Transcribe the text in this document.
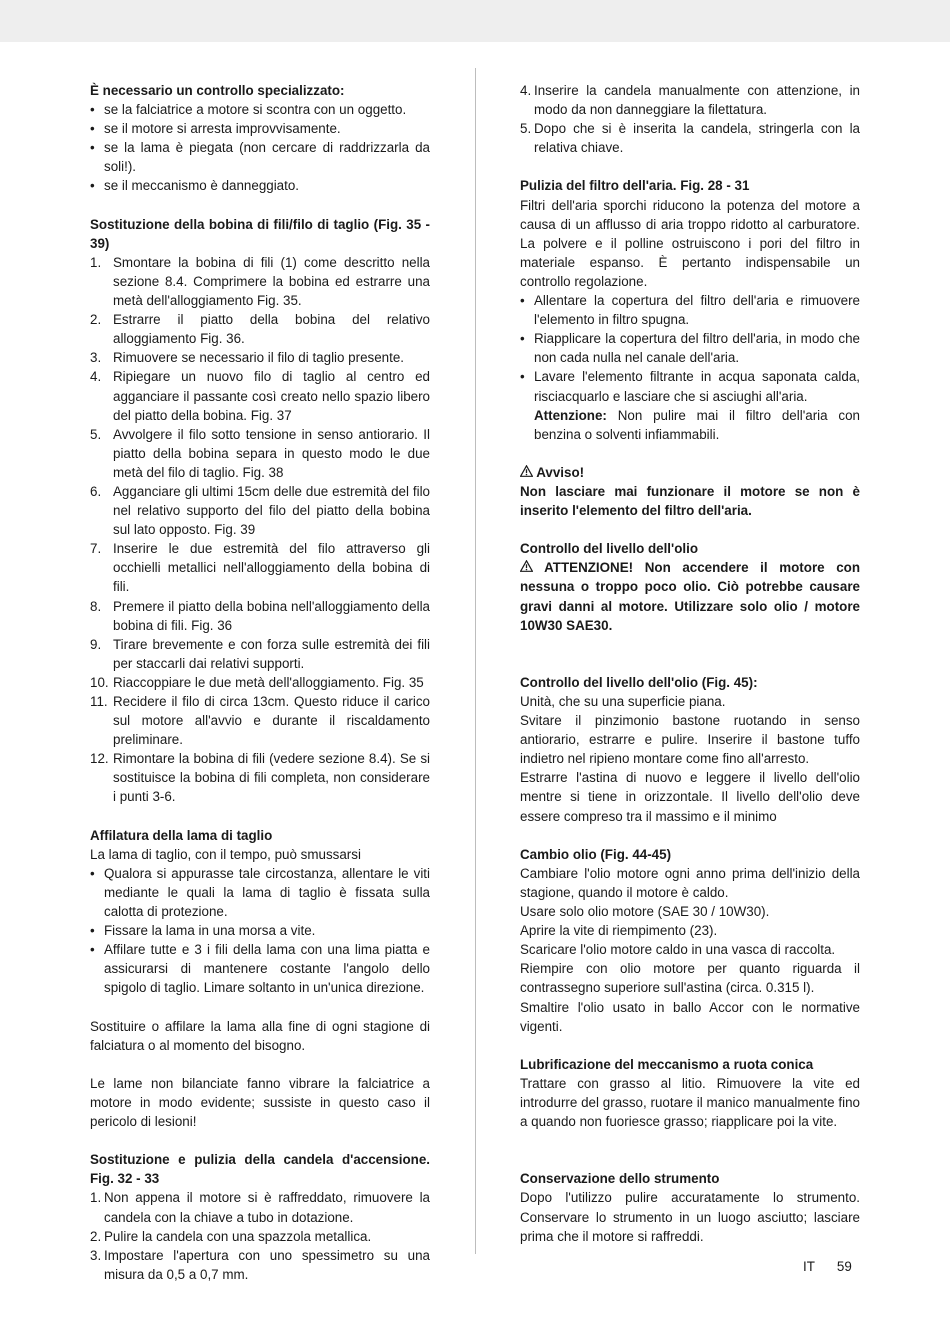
È necessario un controllo specializzato:

• se la falciatrice a motore si scontra con un oggetto.
• se il motore si arresta improvvisamente.
• se la lama è piegata (non cercare di raddrizzarla da soli!).
• se il meccanismo è danneggiato.

Sostituzione della bobina di fili/filo di taglio (Fig. 35 - 39)

1. Smontare la bobina di fili (1) come descritto nella sezione 8.4. Comprimere la bobina ed estrarre una metà dell'alloggiamento Fig. 35.
2. Estrarre il piatto della bobina del relativo alloggiamento Fig. 36.
3. Rimuovere se necessario il filo di taglio presente.
4. Ripiegare un nuovo filo di taglio al centro ed agganciare il passante così creato nello spazio libero del piatto della bobina. Fig. 37
5. Avvolgere il filo sotto tensione in senso antiorario. Il piatto della bobina separa in questo modo le due metà del filo di taglio. Fig. 38
6. Agganciare gli ultimi 15cm delle due estremità del filo nel relativo supporto del filo del piatto della bobina sul lato opposto. Fig. 39
7. Inserire le due estremità del filo attraverso gli occhielli metallici nell'alloggiamento della bobina di fili.
8. Premere il piatto della bobina nell'alloggiamento della bobina di fili. Fig. 36
9. Tirare brevemente e con forza sulle estremità dei fili per staccarli dai relativi supporti.
10. Riaccoppiare le due metà dell'alloggiamento. Fig. 35
11. Recidere il filo di circa 13cm. Questo riduce il carico sul motore all'avvio e durante il riscaldamento preliminare.
12. Rimontare la bobina di fili (vedere sezione 8.4). Se si sostituisce la bobina di fili completa, non considerare i punti 3-6.

Affilatura della lama di taglio

La lama di taglio, con il tempo, può smussarsi

• Qualora si appurasse tale circostanza, allentare le viti mediante le quali la lama di taglio è fissata sulla calotta di protezione.
• Fissare la lama in una morsa a vite.
• Affilare tutte e 3 i fili della lama con una lima piatta e assicurarsi di mantenere costante l'angolo dello spigolo di taglio. Limare soltanto in un'unica direzione.

Sostituire o affilare la lama alla fine di ogni stagione di falciatura o al momento del bisogno.

Le lame non bilanciate fanno vibrare la falciatrice a motore in modo evidente; sussiste in questo caso il pericolo di lesioni!

Sostituzione e pulizia della candela d'accensione. Fig. 32 - 33

1. Non appena il motore si è raffreddato, rimuovere la candela con la chiave a tubo in dotazione.
2. Pulire la candela con una spazzola metallica.
3. Impostare l'apertura con uno spessimetro su una misura da 0,5 a 0,7 mm.
4. Inserire la candela manualmente con attenzione, in modo da non danneggiare la filettatura.
5. Dopo che si è inserita la candela, stringerla con la relativa chiave.

Pulizia del filtro dell'aria. Fig. 28 - 31

Filtri dell'aria sporchi riducono la potenza del motore a causa di un afflusso di aria troppo ridotto al carburatore. La polvere e il polline ostruiscono i pori del filtro in materiale espanso. È pertanto indispensabile un controllo regolazione.

• Allentare la copertura del filtro dell'aria e rimuovere l'elemento in filtro spugna.
• Riapplicare la copertura del filtro dell'aria, in modo che non cada nulla nel canale dell'aria.
• Lavare l'elemento filtrante in acqua saponata calda, risciacquarlo e lasciare che si asciughi all'aria.

Attenzione: Non pulire mai il filtro dell'aria con benzina o solventi infiammabili.

Avviso!

Non lasciare mai funzionare il motore se non è inserito l'elemento del filtro dell'aria.

Controllo del livello dell'olio

ATTENZIONE! Non accendere il motore con nessuna o troppo poco olio. Ciò potrebbe causare gravi danni al motore. Utilizzare solo olio / motore 10W30 SAE30.

Controllo del livello dell'olio (Fig. 45):

Unità, che su una superficie piana.

Svitare il pinzimonio bastone ruotando in senso antiorario, estrarre e pulire. Inserire il bastone tuffo indietro nel ripieno montare come fino all'arresto.

Estrarre l'astina di nuovo e leggere il livello dell'olio mentre si tiene in orizzontale. Il livello dell'olio deve essere compreso tra il massimo e il minimo

Cambio olio (Fig. 44-45)

Cambiare l'olio motore ogni anno prima dell'inizio della stagione, quando il motore è caldo.

Usare solo olio motore (SAE 30 / 10W30).

Aprire la vite di riempimento (23).

Scaricare l'olio motore caldo in una vasca di raccolta.

Riempire con olio motore per quanto riguarda il contrassegno superiore sull'astina (circa. 0.315 l).

Smaltire l'olio usato in ballo Accor con le normative vigenti.

Lubrificazione del meccanismo a ruota conica

Trattare con grasso al litio. Rimuovere la vite ed introdurre del grasso, ruotare il manico manualmente fino a quando non fuoriesce grasso; riapplicare poi la vite.

Conservazione dello strumento

Dopo l'utilizzo pulire accuratamente lo strumento. Conservare lo strumento in un luogo asciutto; lasciare prima che il motore si raffreddi.

IT 59
